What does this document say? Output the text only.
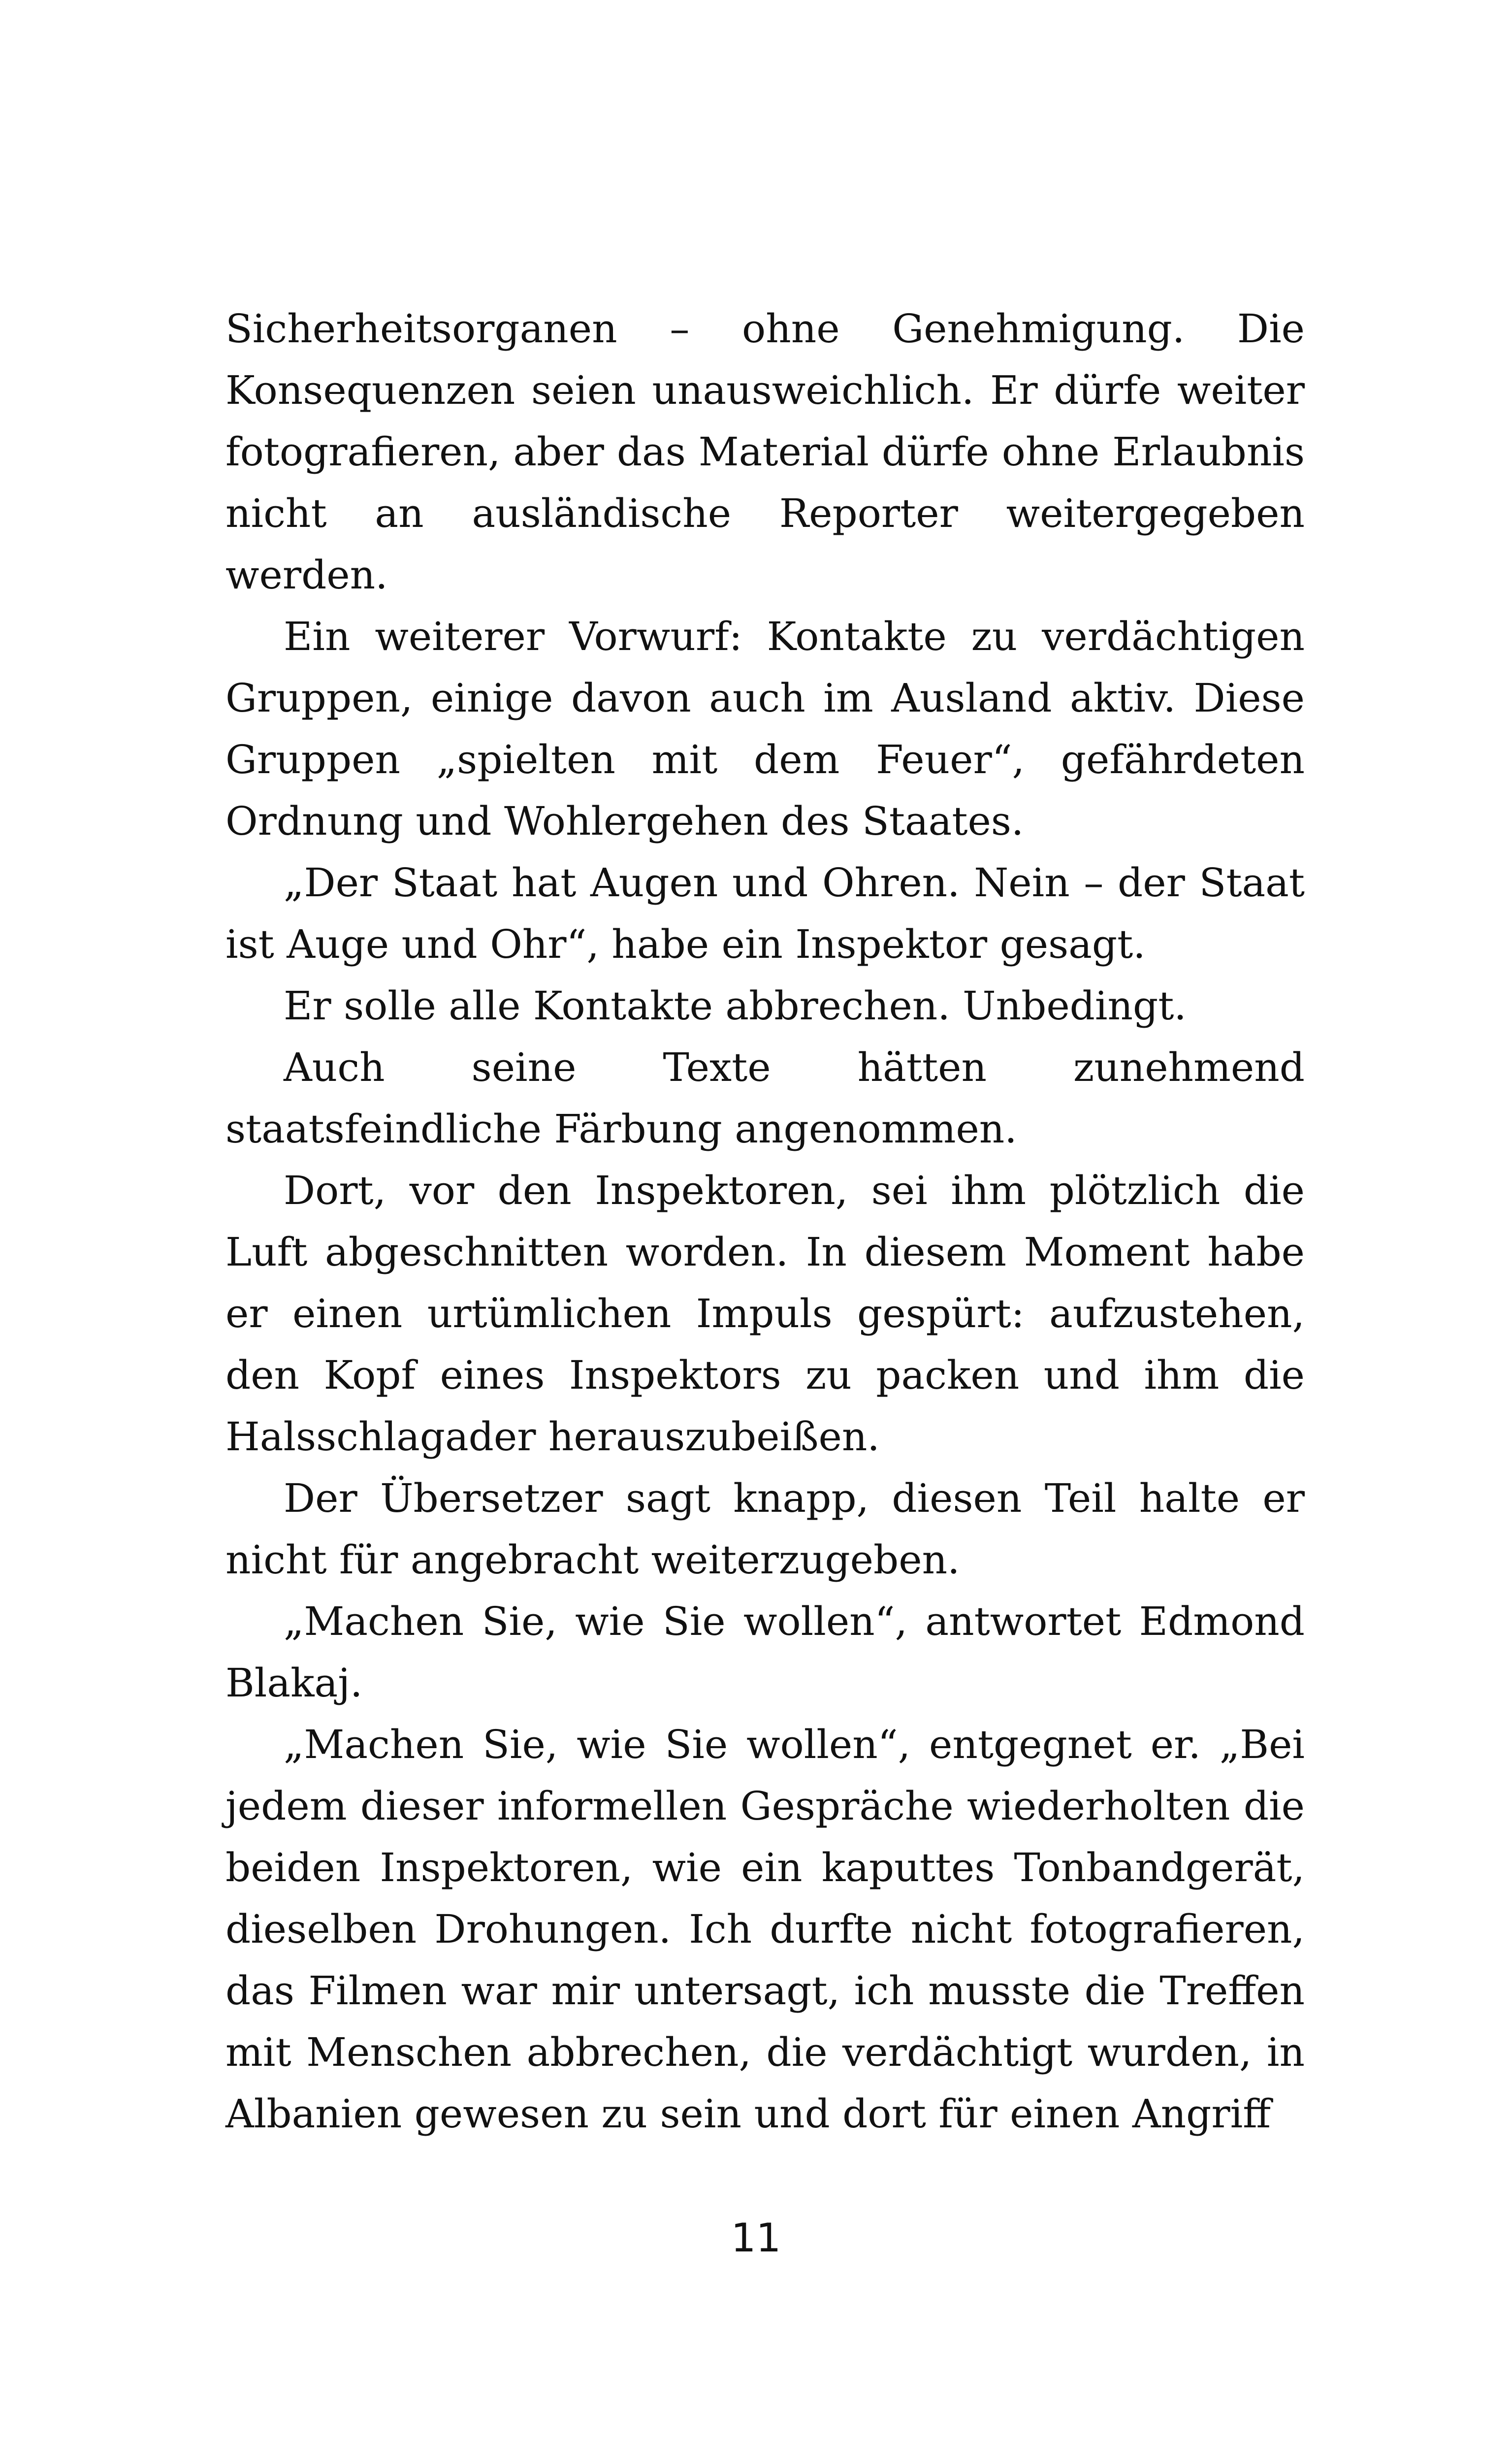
Sicherheitsorganen – ohne Genehmigung. Die Konsequenzen seien unausweichlich. Er dürfe weiter fotografieren, aber das Material dürfe ohne Erlaubnis nicht an ausländische Reporter weitergegeben werden.

Ein weiterer Vorwurf: Kontakte zu verdächtigen Gruppen, einige davon auch im Ausland aktiv. Diese Gruppen „spielten mit dem Feuer“, gefährdeten Ordnung und Wohlergehen des Staates.

„Der Staat hat Augen und Ohren. Nein – der Staat ist Auge und Ohr“, habe ein Inspektor gesagt.

Er solle alle Kontakte abbrechen. Unbedingt.

Auch seine Texte hätten zunehmend staatsfeindliche Färbung angenommen.

Dort, vor den Inspektoren, sei ihm plötzlich die Luft abgeschnitten worden. In diesem Moment habe er einen urtümlichen Impuls gespürt: aufzustehen, den Kopf eines Inspektors zu packen und ihm die Halsschlagader herauszubeißen.

Der Übersetzer sagt knapp, diesen Teil halte er nicht für angebracht weiterzugeben.

„Machen Sie, wie Sie wollen“, antwortet Edmond Blakaj.

„Machen Sie, wie Sie wollen“, entgegnet er. „Bei jedem dieser informellen Gespräche wiederholten die beiden Inspektoren, wie ein kaputtes Tonbandgerät, dieselben Drohungen. Ich durfte nicht fotografieren, das Filmen war mir untersagt, ich musste die Treffen mit Menschen abbrechen, die verdächtigt wurden, in Albanien gewesen zu sein und dort für einen Angriff

11
